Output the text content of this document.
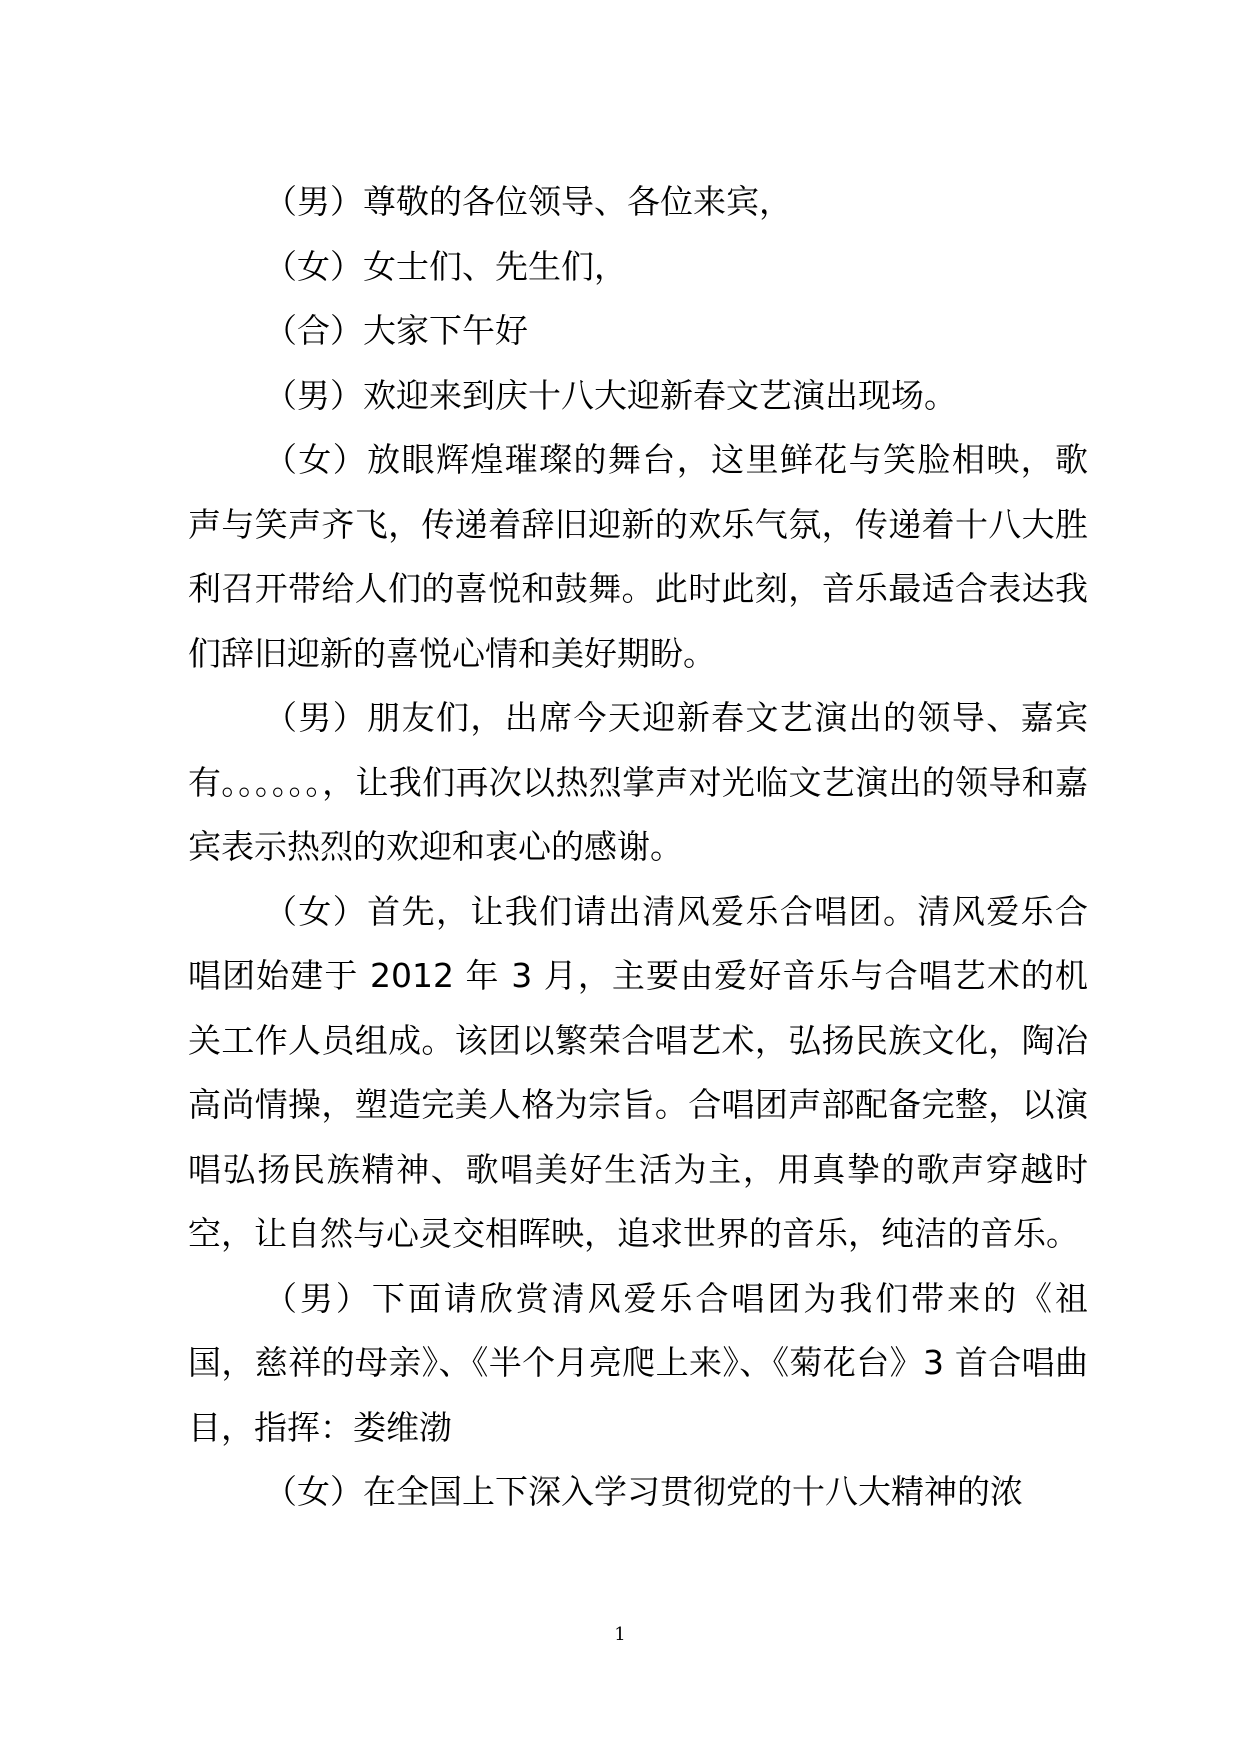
（男）尊敬的各位领导、各位来宾，

（女）女士们、先生们，

（合）大家下午好

（男）欢迎来到庆十八大迎新春文艺演出现场。

（女）放眼辉煌璀璨的舞台，这里鲜花与笑脸相映，歌声与笑声齐飞，传递着辞旧迎新的欢乐气氛，传递着十八大胜利召开带给人们的喜悦和鼓舞。此时此刻，音乐最适合表达我们辞旧迎新的喜悦心情和美好期盼。

（男）朋友们，出席今天迎新春文艺演出的领导、嘉宾有。。。。。。，让我们再次以热烈掌声对光临文艺演出的领导和嘉宾表示热烈的欢迎和衷心的感谢。

（女）首先，让我们请出清风爱乐合唱团。清风爱乐合唱团始建于 2012 年 3 月，主要由爱好音乐与合唱艺术的机关工作人员组成。该团以繁荣合唱艺术，弘扬民族文化，陶冶高尚情操，塑造完美人格为宗旨。合唱团声部配备完整，以演唱弘扬民族精神、歌唱美好生活为主，用真挚的歌声穿越时空，让自然与心灵交相晖映，追求世界的音乐，纯洁的音乐。

（男）下面请欣赏清风爱乐合唱团为我们带来的《祖国，慈祥的母亲》、《半个月亮爬上来》、《菊花台》3 首合唱曲目，指挥：娄维渤

（女）在全国上下深入学习贯彻党的十八大精神的浓

1
